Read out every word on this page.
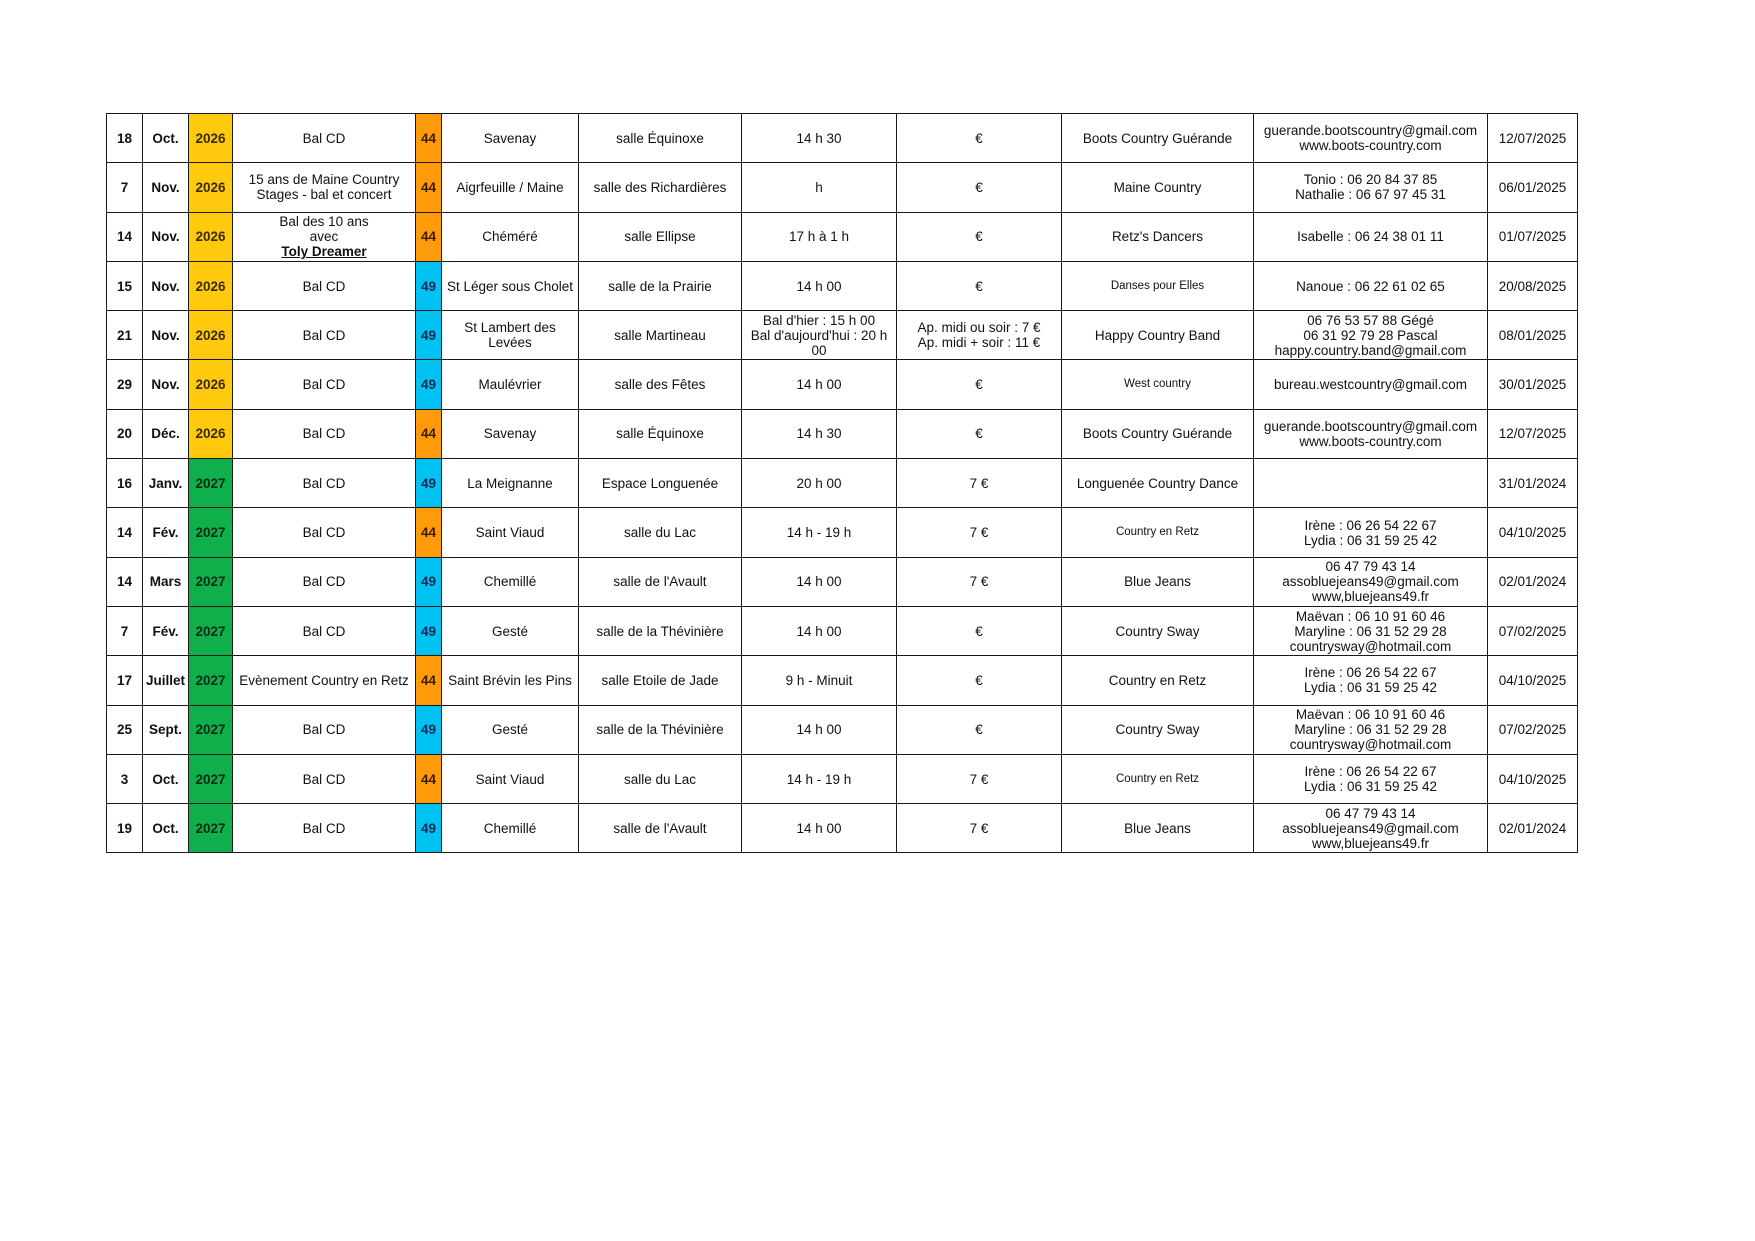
18	Oct.	2026	Bal CD	44	Savenay	salle Équinoxe	14 h 30	€	Boots Country Guérande	guerande.bootscountry@gmail.com
www.boots-country.com	12/07/2025
7	Nov.	2026	15 ans de Maine Country
Stages - bal et concert	44	Aigrfeuille / Maine	salle des Richardières	h	€	Maine Country	Tonio : 06 20 84 37 85
Nathalie : 06 67 97 45 31	06/01/2025
14	Nov.	2026	Bal des 10 ans
avec
Toly Dreamer	44	Chéméré	salle Ellipse	17 h à 1 h	€	Retz's Dancers	Isabelle : 06 24 38 01 11	01/07/2025
15	Nov.	2026	Bal CD	49	St Léger sous Cholet	salle de la Prairie	14 h 00	€	Danses pour Elles	Nanoue : 06 22 61 02 65	20/08/2025
21	Nov.	2026	Bal CD	49	St Lambert des Levées	salle Martineau	Bal d'hier : 15 h 00
Bal d'aujourd'hui : 20 h 00	Ap. midi ou soir : 7 €
Ap. midi + soir : 11 €	Happy Country Band	06 76 53 57 88 Gégé
06 31 92 79 28 Pascal
happy.country.band@gmail.com	08/01/2025
29	Nov.	2026	Bal CD	49	Maulévrier	salle des Fêtes	14 h 00	€	West country	bureau.westcountry@gmail.com	30/01/2025
20	Déc.	2026	Bal CD	44	Savenay	salle Équinoxe	14 h 30	€	Boots Country Guérande	guerande.bootscountry@gmail.com
www.boots-country.com	12/07/2025
16	Janv.	2027	Bal CD	49	La Meignanne	Espace Longuenée	20 h 00	7 €	Longuenée Country Dance		31/01/2024
14	Fév.	2027	Bal CD	44	Saint Viaud	salle du Lac	14 h - 19 h	7 €	Country en Retz	Irène : 06 26 54 22 67
Lydia : 06 31 59 25 42	04/10/2025
14	Mars	2027	Bal CD	49	Chemillé	salle de l'Avault	14 h 00	7 €	Blue Jeans	06 47 79 43 14
assobluejeans49@gmail.com
www,bluejeans49.fr	02/01/2024
7	Fév.	2027	Bal CD	49	Gesté	salle de la Thévinière	14 h 00	€	Country Sway	Maëvan : 06 10 91 60 46
Maryline : 06 31 52 29 28
countrysway@hotmail.com	07/02/2025
17	Juillet	2027	Evènement Country en Retz	44	Saint Brévin les Pins	salle Etoile de Jade	9 h - Minuit	€	Country en Retz	Irène : 06 26 54 22 67
Lydia : 06 31 59 25 42	04/10/2025
25	Sept.	2027	Bal CD	49	Gesté	salle de la Thévinière	14 h 00	€	Country Sway	Maëvan : 06 10 91 60 46
Maryline : 06 31 52 29 28
countrysway@hotmail.com	07/02/2025
3	Oct.	2027	Bal CD	44	Saint Viaud	salle du Lac	14 h - 19 h	7 €	Country en Retz	Irène : 06 26 54 22 67
Lydia : 06 31 59 25 42	04/10/2025
19	Oct.	2027	Bal CD	49	Chemillé	salle de l'Avault	14 h 00	7 €	Blue Jeans	06 47 79 43 14
assobluejeans49@gmail.com
www,bluejeans49.fr	02/01/2024
